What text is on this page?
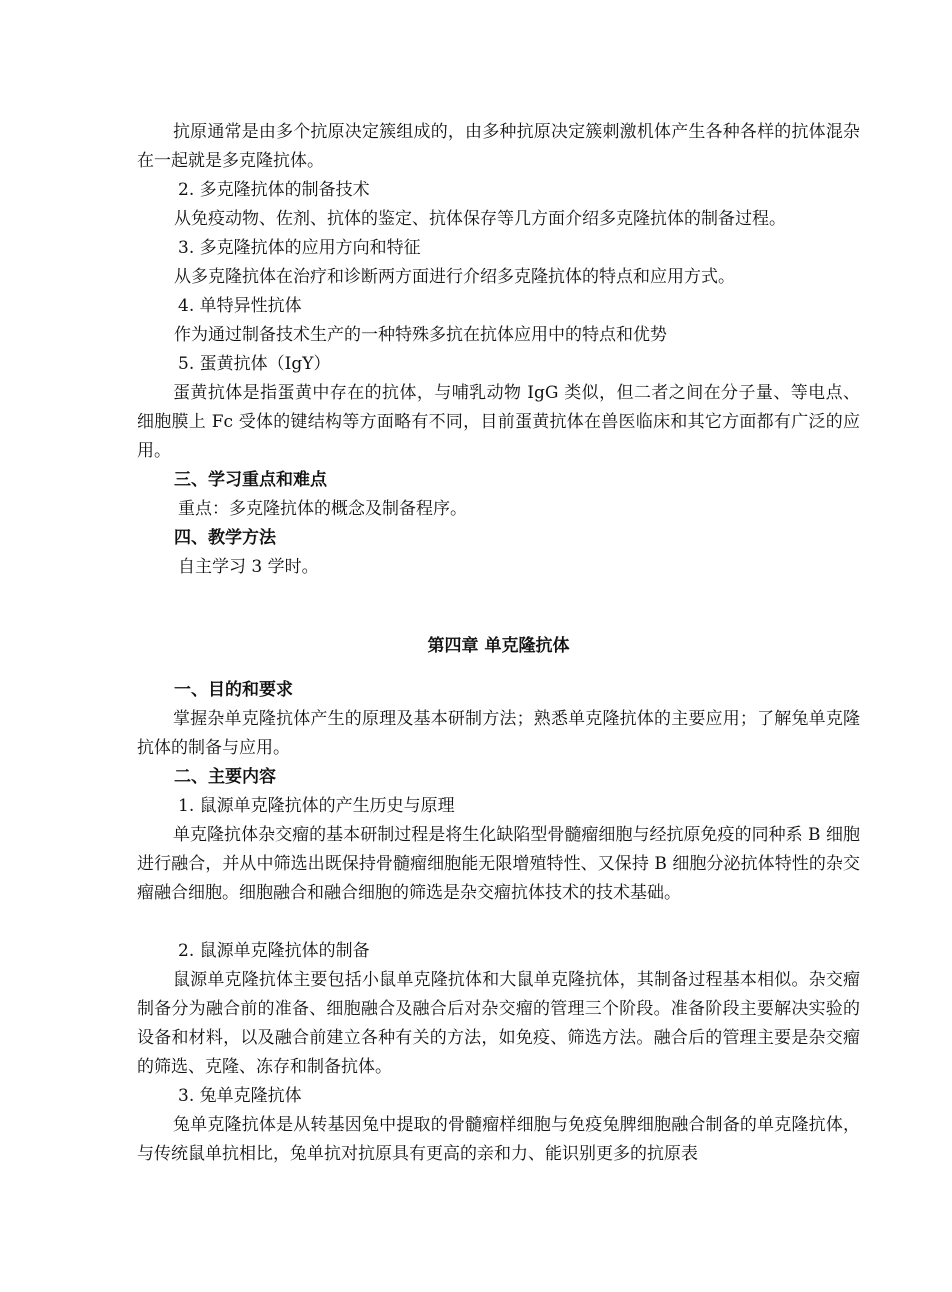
抗原通常是由多个抗原决定簇组成的，由多种抗原决定簇刺激机体产生各种各样的抗体混杂在一起就是多克隆抗体。

2. 多克隆抗体的制备技术

从免疫动物、佐剂、抗体的鉴定、抗体保存等几方面介绍多克隆抗体的制备过程。

3. 多克隆抗体的应用方向和特征

从多克隆抗体在治疗和诊断两方面进行介绍多克隆抗体的特点和应用方式。

4. 单特异性抗体

作为通过制备技术生产的一种特殊多抗在抗体应用中的特点和优势

5. 蛋黄抗体（IgY）

蛋黄抗体是指蛋黄中存在的抗体，与哺乳动物 IgG 类似，但二者之间在分子量、等电点、细胞膜上 Fc 受体的键结构等方面略有不同，目前蛋黄抗体在兽医临床和其它方面都有广泛的应用。

三、学习重点和难点

重点：多克隆抗体的概念及制备程序。

四、教学方法

自主学习 3 学时。

第四章 单克隆抗体

一、目的和要求

掌握杂单克隆抗体产生的原理及基本研制方法；熟悉单克隆抗体的主要应用；了解兔单克隆抗体的制备与应用。

二、主要内容

1. 鼠源单克隆抗体的产生历史与原理

单克隆抗体杂交瘤的基本研制过程是将生化缺陷型骨髓瘤细胞与经抗原免疫的同种系 B 细胞进行融合，并从中筛选出既保持骨髓瘤细胞能无限增殖特性、又保持 B 细胞分泌抗体特性的杂交瘤融合细胞。细胞融合和融合细胞的筛选是杂交瘤抗体技术的技术基础。

2. 鼠源单克隆抗体的制备

鼠源单克隆抗体主要包括小鼠单克隆抗体和大鼠单克隆抗体，其制备过程基本相似。杂交瘤制备分为融合前的准备、细胞融合及融合后对杂交瘤的管理三个阶段。准备阶段主要解决实验的设备和材料，以及融合前建立各种有关的方法，如免疫、筛选方法。融合后的管理主要是杂交瘤的筛选、克隆、冻存和制备抗体。

3. 兔单克隆抗体

兔单克隆抗体是从转基因兔中提取的骨髓瘤样细胞与免疫兔脾细胞融合制备的单克隆抗体，与传统鼠单抗相比，兔单抗对抗原具有更高的亲和力、能识别更多的抗原表
